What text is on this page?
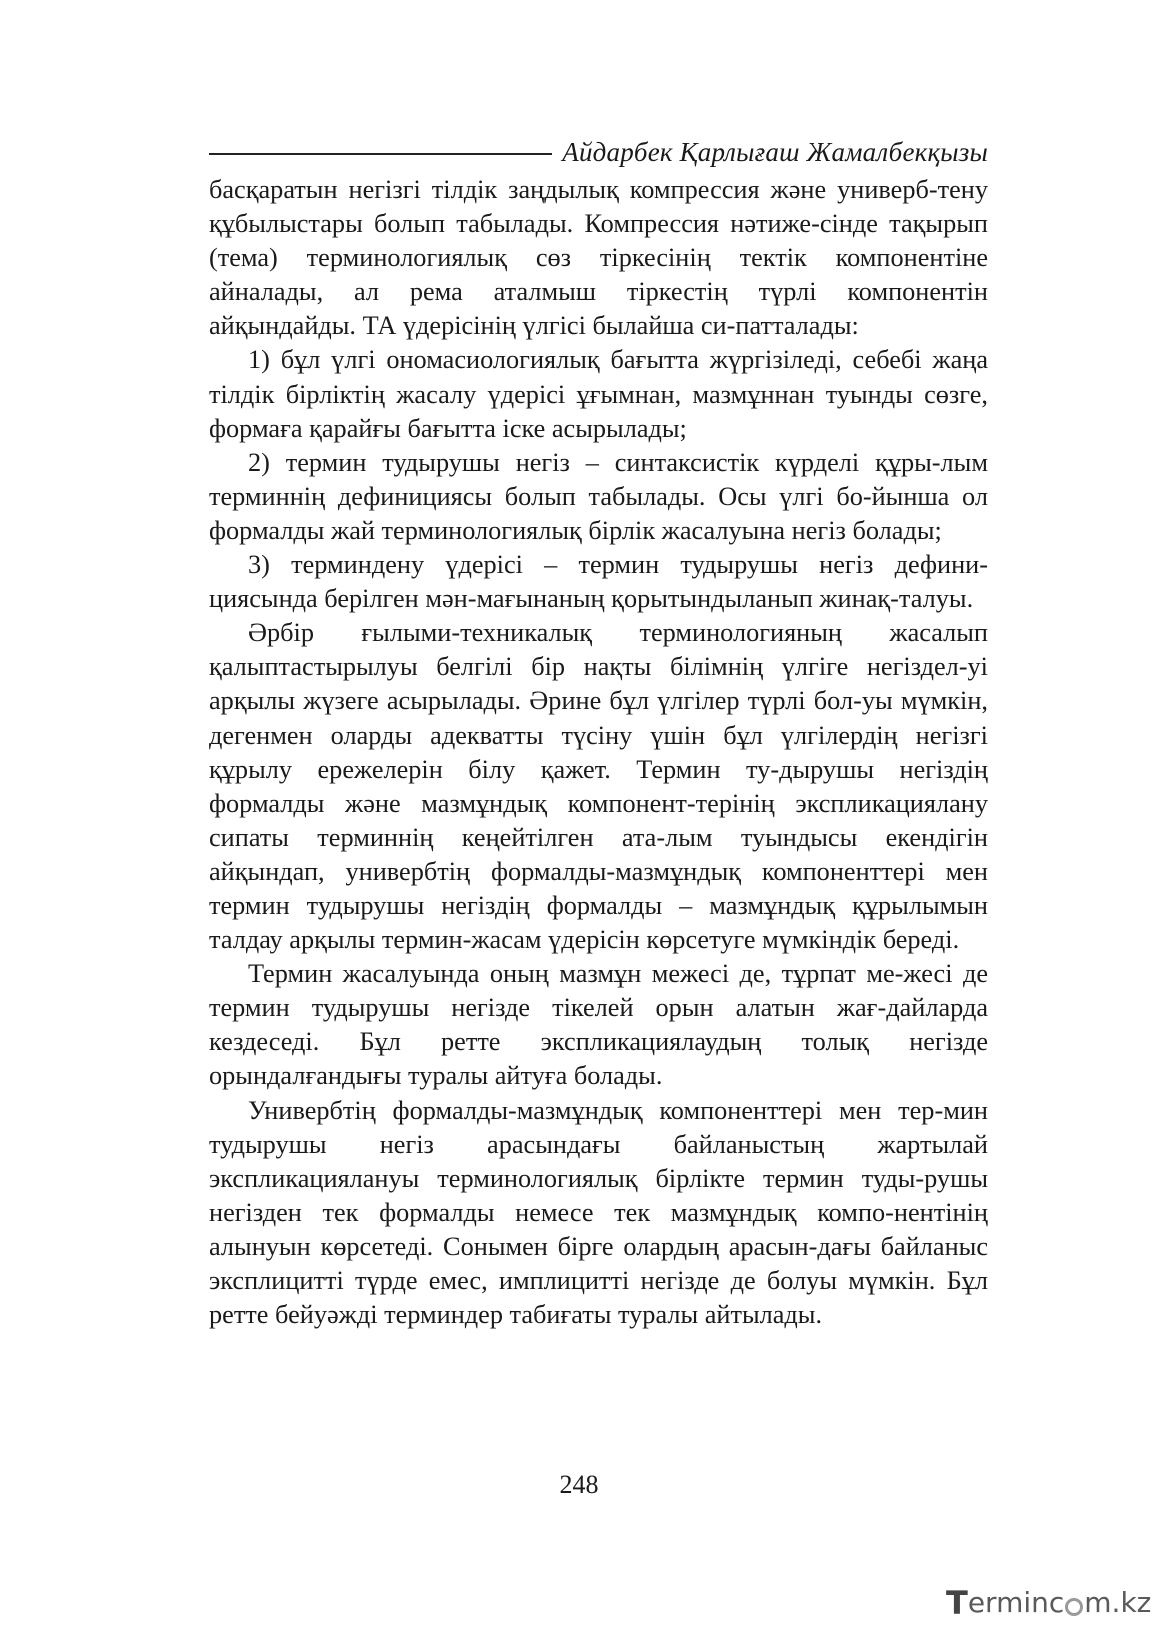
Айдарбек Қарлығаш Жамалбекқызы

басқаратын негізгі тілдік заңдылық компрессия және универб-тену құбылыстары болып табылады. Компрессия нәтиже-сінде тақырып (тема) терминологиялық сөз тіркесінің тектік компонентіне айналады, ал рема аталмыш тіркестің түрлі компонентін айқындайды. ТА үдерісінің үлгісі былайша си-патталады:

1) бұл үлгі ономасиологиялық бағытта жүргізіледі, себебі жаңа тілдік бірліктің жасалу үдерісі ұғымнан, мазмұннан туынды сөзге, формаға қарайғы бағытта іске асырылады;

2) термин тудырушы негіз – синтаксистік күрделі құры-лым терминнің дефинициясы болып табылады. Осы үлгі бо-йынша ол формалды жай терминологиялық бірлік жасалуына негіз болады;

3) терминдену үдерісі – термин тудырушы негіз дефини-циясында берілген мән-мағынаның қорытындыланып жинақ-талуы.

Әрбір ғылыми-техникалық терминологияның жасалып қалыптастырылуы белгілі бір нақты білімнің үлгіге негіздел-уі арқылы жүзеге асырылады. Әрине бұл үлгілер түрлі бол-уы мүмкін, дегенмен оларды адекватты түсіну үшін бұл үлгілердің негізгі құрылу ережелерін білу қажет. Термин ту-дырушы негіздің формалды және мазмұндық компонент-терінің экспликациялану сипаты терминнің кеңейтілген ата-лым туындысы екендігін айқындап, универбтің формалды-мазмұндық компоненттері мен термин тудырушы негіздің формалды – мазмұндық құрылымын талдау арқылы термин-жасам үдерісін көрсетуге мүмкіндік береді.

Термин жасалуында оның мазмұн межесі де, тұрпат ме-жесі де термин тудырушы негізде тікелей орын алатын жағ-дайларда кездеседі. Бұл ретте экспликациялаудың толық негізде орындалғандығы туралы айтуға болады.

Универбтің формалды-мазмұндық компоненттері мен тер-мин тудырушы негіз арасындағы байланыстың жартылай экспликациялануы терминологиялық бірлікте термин туды-рушы негізден тек формалды немесе тек мазмұндық компо-нентінің алынуын көрсетеді. Сонымен бірге олардың арасын-дағы байланыс эксплицитті түрде емес, имплицитті негізде де болуы мүмкін. Бұл ретте бейуәжді терминдер табиғаты туралы айтылады.

248
T erminc m.kz
